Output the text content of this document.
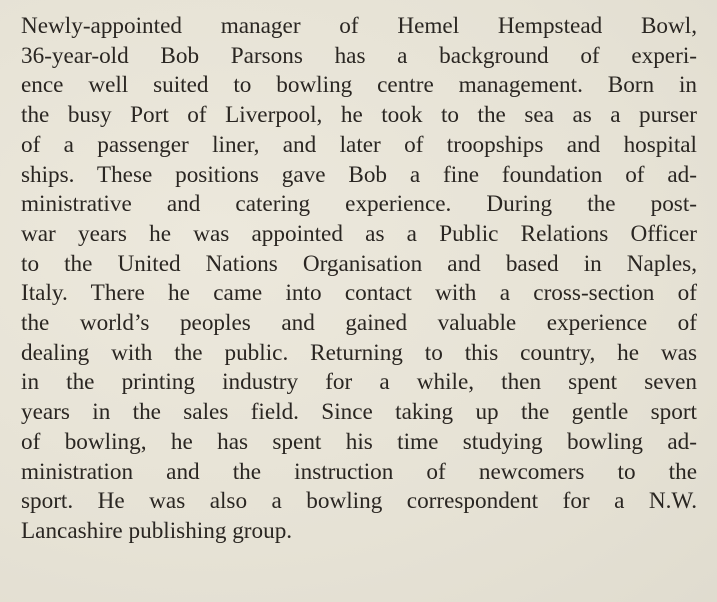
Newly-appointed manager of Hemel Hempstead Bowl,
36-year-old Bob Parsons has a background of experi-
ence well suited to bowling centre management. Born in
the busy Port of Liverpool, he took to the sea as a purser
of a passenger liner, and later of troopships and hospital
ships. These positions gave Bob a fine foundation of ad-
ministrative and catering experience. During the post-
war years he was appointed as a Public Relations Officer
to the United Nations Organisation and based in Naples,
Italy. There he came into contact with a cross-section of
the world’s peoples and gained valuable experience of
dealing with the public. Returning to this country, he was
in the printing industry for a while, then spent seven
years in the sales field. Since taking up the gentle sport
of bowling, he has spent his time studying bowling ad-
ministration and the instruction of newcomers to the
sport. He was also a bowling correspondent for a N.W.
Lancashire publishing group.
